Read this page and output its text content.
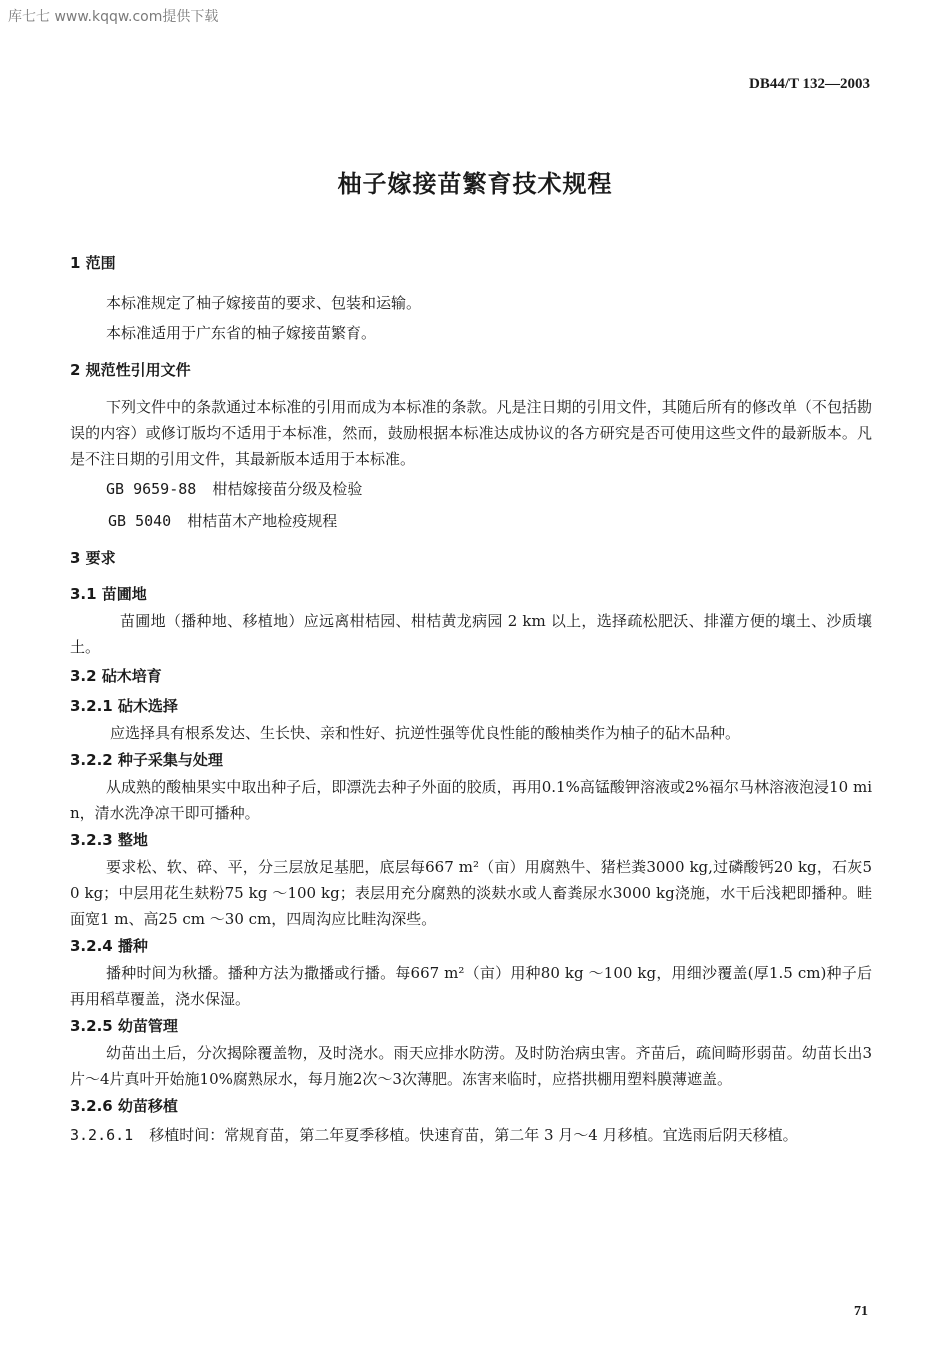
库七七 www.kqqw.com提供下载
DB44/T 132—2003
柚子嫁接苗繁育技术规程
1 范围
本标准规定了柚子嫁接苗的要求、包装和运输。
本标准适用于广东省的柚子嫁接苗繁育。
2 规范性引用文件
下列文件中的条款通过本标准的引用而成为本标准的条款。凡是注日期的引用文件，其随后所有的修改单（不包括勘误的内容）或修订版均不适用于本标准，然而，鼓励根据本标准达成协议的各方研究是否可使用这些文件的最新版本。凡是不注日期的引用文件，其最新版本适用于本标准。
GB 9659-88 柑桔嫁接苗分级及检验
GB 5040 柑桔苗木产地检疫规程
3 要求
3.1 苗圃地
苗圃地（播种地、移植地）应远离柑桔园、柑桔黄龙病园 2 km 以上，选择疏松肥沃、排灌方便的壤土、沙质壤土。
3.2 砧木培育
3.2.1 砧木选择
应选择具有根系发达、生长快、亲和性好、抗逆性强等优良性能的酸柚类作为柚子的砧木品种。
3.2.2 种子采集与处理
从成熟的酸柚果实中取出种子后，即漂洗去种子外面的胶质，再用0.1%高锰酸钾溶液或2%福尔马林溶液泡浸10 min，清水洗净凉干即可播种。
3.2.3 整地
要求松、软、碎、平，分三层放足基肥，底层每667 m²（亩）用腐熟牛、猪栏粪3000 kg,过磷酸钙20 kg，石灰50 kg；中层用花生麸粉75 kg ～100 kg；表层用充分腐熟的淡麸水或人畜粪尿水3000 kg浇施，水干后浅耙即播种。畦面宽1 m、高25 cm ～30 cm，四周沟应比畦沟深些。
3.2.4 播种
播种时间为秋播。播种方法为撒播或行播。每667 m²（亩）用种80 kg ～100 kg，用细沙覆盖(厚1.5 cm)种子后再用稻草覆盖，浇水保湿。
3.2.5 幼苗管理
幼苗出土后，分次揭除覆盖物，及时浇水。雨天应排水防涝。及时防治病虫害。齐苗后，疏间畸形弱苗。幼苗长出3片～4片真叶开始施10%腐熟尿水，每月施2次～3次薄肥。冻害来临时，应搭拱棚用塑料膜薄遮盖。
3.2.6 幼苗移植
3.2.6.1 移植时间：常规育苗，第二年夏季移植。快速育苗，第二年 3 月～4 月移植。宜选雨后阴天移植。
71
